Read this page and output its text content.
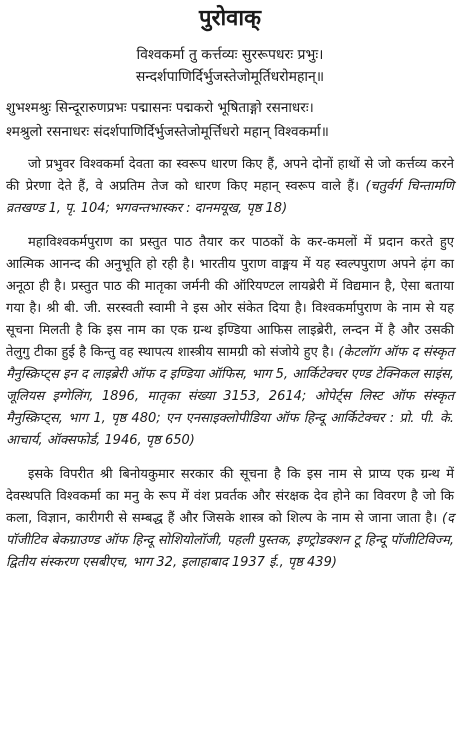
पुरोवाक्
विश्वकर्मा तु कर्त्तव्यः सुररूपधरः प्रभुः।
सन्दर्शपाणिर्दिर्भुजस्तेजोमूर्तिधरोमहान्॥
शुभश्मश्रुः सिन्दूरारुणप्रभः पद्मासनः पद्मकरो भूषिताङ्गो रसनाधरः।
श्मश्रुलो रसनाधरः संदर्शपाणिर्दिर्भुजस्तेजोमूर्त्तिधरो महान् विश्वकर्मा॥

जो प्रभुवर विश्वकर्मा देवता का स्वरूप धारण किए हैं, अपने दोनों हाथों से जो कर्त्तव्य करने की प्रेरणा देते हैं, वे अप्रतिम तेज को धारण किए महान् स्वरूप वाले हैं। (चतुर्वर्ग चिन्तामणि व्रतखण्ड 1, पृ. 104; भगवन्तभास्कर : दानमयूख, पृष्ठ 18)

महाविश्वकर्मपुराण का प्रस्तुत पाठ तैयार कर पाठकों के कर-कमलों में प्रदान करते हुए आत्मिक आनन्द की अनुभूति हो रही है। भारतीय पुराण वाङ्मय में यह स्वल्पपुराण अपने ढ़ंग का अनूठा ही है। प्रस्तुत पाठ की मातृका जर्मनी की ऑरियण्टल लायब्रेरी में विद्यमान है, ऐसा बताया गया है। श्री बी. जी. सरस्वती स्वामी ने इस ओर संकेत दिया है। विश्वकर्मापुराण के नाम से यह सूचना मिलती है कि इस नाम का एक ग्रन्थ इण्डिया आफिस लाइब्रेरी, लन्दन में है और उसकी तेलुगु टीका हुई है किन्तु वह स्थापत्य शास्त्रीय सामग्री को संजोये हुए है। (केटलॉग ऑफ द संस्कृत मैनुस्क्रिप्ट्स इन द लाइब्रेरी ऑफ द इण्डिया ऑफिस, भाग 5, आर्किटेक्चर एण्ड टेक्निकल साइंस, जूलियस इग्गेलिंग, 1896, मातृका संख्या 3153, 2614; ओपेर्ट्स लिस्ट ऑफ संस्कृत मैनुस्क्रिप्ट्स, भाग 1, पृष्ठ 480; एन एनसाइक्लोपीडिया ऑफ हिन्दू आर्किटेक्चर : प्रो. पी. के. आचार्य, ऑक्सफोर्ड, 1946, पृष्ठ 650)

इसके विपरीत श्री बिनोयकुमार सरकार की सूचना है कि इस नाम से प्राप्य एक ग्रन्थ में देवस्थपति विश्वकर्मा का मनु के रूप में वंश प्रवर्तक और संरक्षक देव होने का विवरण है जो कि कला, विज्ञान, कारीगरी से सम्बद्ध हैं और जिसके शास्त्र को शिल्प के नाम से जाना जाता है। (द पॉजीटिव बेकग्राउण्ड ऑफ हिन्दू सोशियोलॉजी, पहली पुस्तक, इण्ट्रोडक्शन टू हिन्दू पॉजीटिविज्म, द्वितीय संस्करण एसबीएच, भाग 32, इलाहाबाद 1937 ई., पृष्ठ 439)
